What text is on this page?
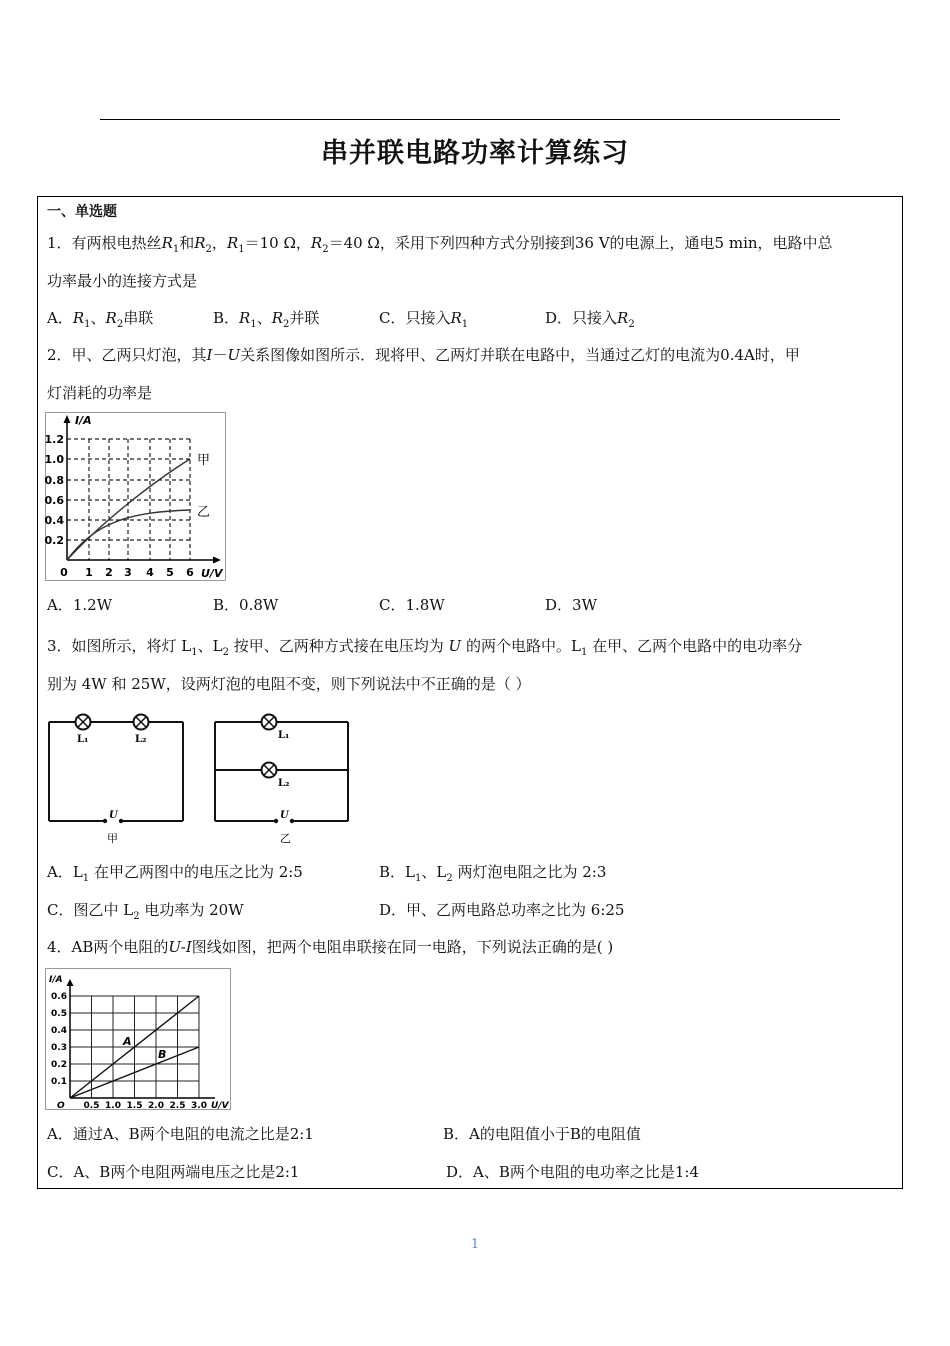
串并联电路功率计算练习
一、单选题
1．有两根电热丝$R_1$和$R_2$，$R_1=10$ Ω，$R_2=40$ Ω，采用下列四种方式分别接到36 V的电源上，通电5 min，电路中总
功率最小的连接方式是
A．$R_1$、$R_2$串联	B．$R_1$、$R_2$并联	C．只接入$R_1$	D．只接入$R_2$
2．甲、乙两只灯泡，其I－U关系图像如图所示．现将甲、乙两灯并联在电路中，当通过乙灯的电流为0.4A时，甲
灯消耗的功率是
I/A
1.2
1.0
0.8
0.6
0.4
0.2
0 1 2 3 4 5 6 U/V
甲
乙
A．1.2W	B．0.8W	C．1.8W	D．3W
3．如图所示，将灯 $L_1$、$L_2$ 按甲、乙两种方式接在电压均为 U 的两个电路中。$L_1$ 在甲、乙两个电路中的电功率分
别为 4W 和 25W，设两灯泡的电阻不变，则下列说法中不正确的是（ ）
L₁	L₂
U
甲
L₁
L₂
U
乙
A．$L_1$ 在甲乙两图中的电压之比为 2:5	B．$L_1$、$L_2$ 两灯泡电阻之比为 2:3
C．图乙中 $L_2$ 电功率为 20W	D．甲、乙两电路总功率之比为 6:25
4．AB两个电阻的U-I图线如图，把两个电阻串联接在同一电路，下列说法正确的是( )
I/A
0.6
0.5
0.4
0.3
0.2
0.1
O 0.5 1.0 1.5 2.0 2.5 3.0 U/V
A
B
A．通过A、B两个电阻的电流之比是2:1	B．A的电阻值小于B的电阻值
C．A、B两个电阻两端电压之比是2:1	D．A、B两个电阻的电功率之比是1:4
1
